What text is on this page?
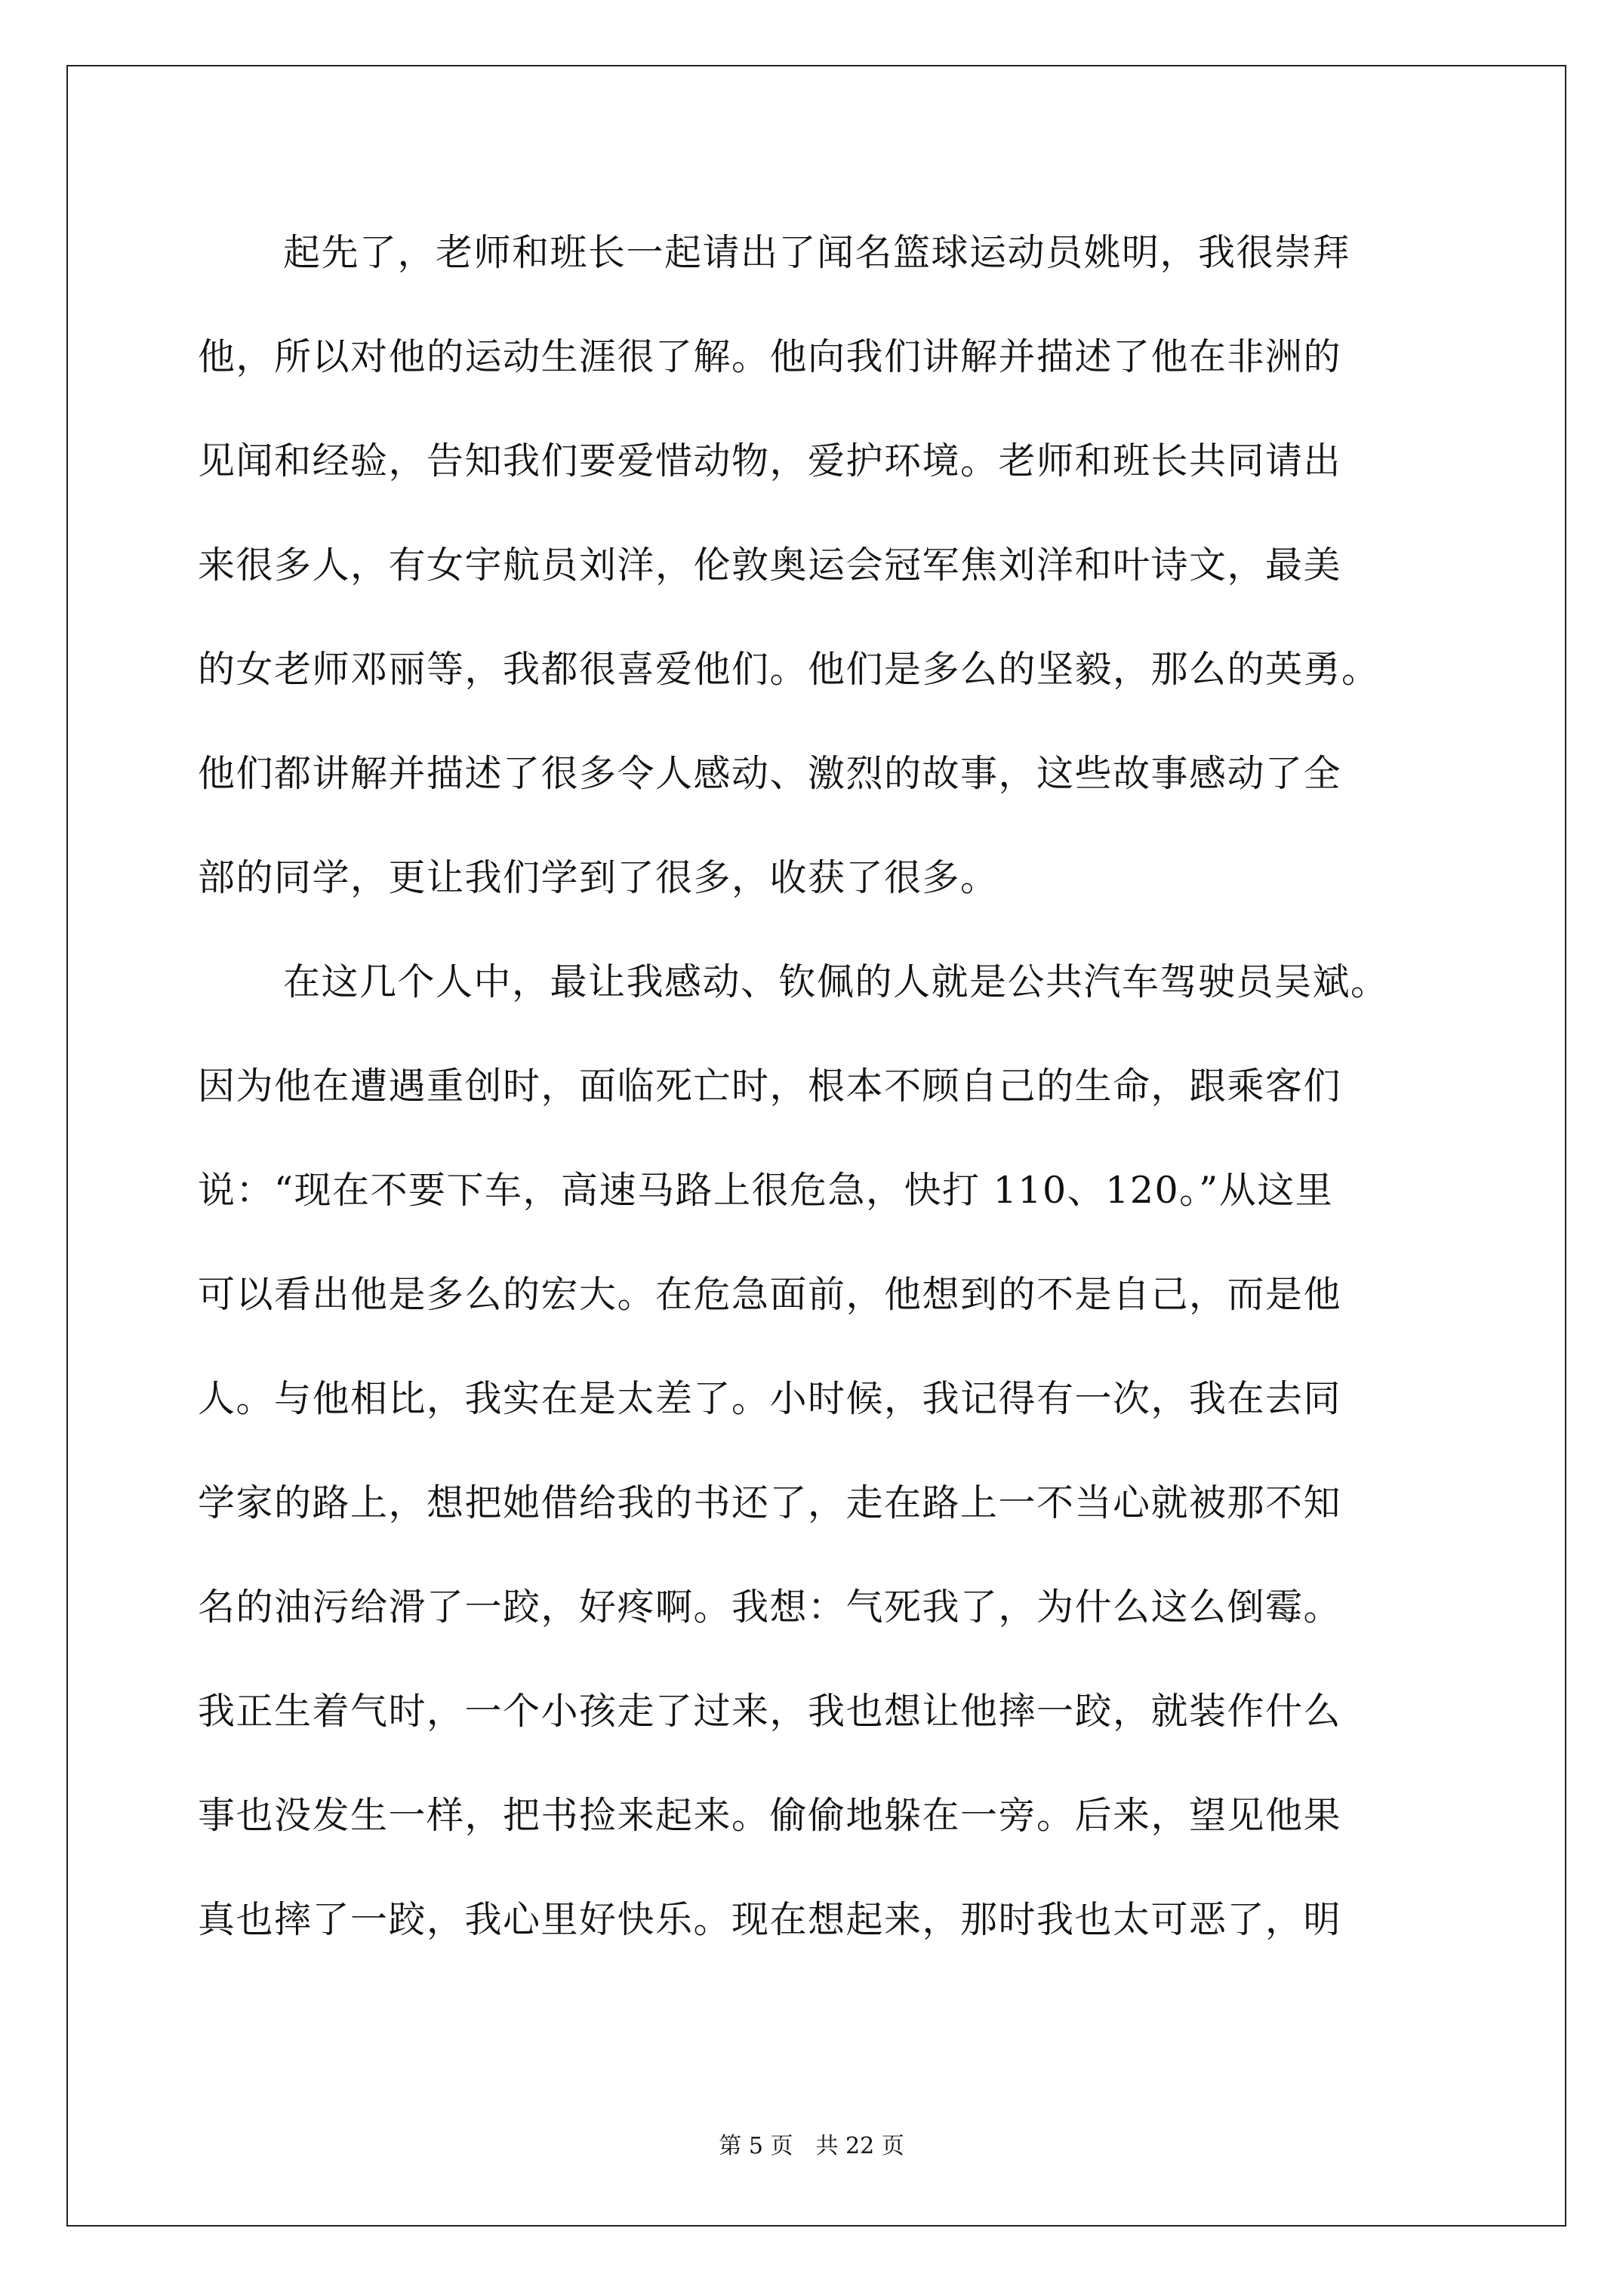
起先了，老师和班长一起请出了闻名篮球运动员姚明，我很崇拜
他，所以对他的运动生涯很了解。他向我们讲解并描述了他在非洲的
见闻和经验，告知我们要爱惜动物，爱护环境。老师和班长共同请出
来很多人，有女宇航员刘洋，伦敦奥运会冠军焦刘洋和叶诗文，最美
的女老师邓丽等，我都很喜爱他们。他们是多么的坚毅，那么的英勇。
他们都讲解并描述了很多令人感动、激烈的故事，这些故事感动了全
部的同学，更让我们学到了很多，收获了很多。
在这几个人中，最让我感动、钦佩的人就是公共汽车驾驶员吴斌。
因为他在遭遇重创时，面临死亡时，根本不顾自己的生命，跟乘客们
说：“现在不要下车，高速马路上很危急，快打 110、120。”从这里
可以看出他是多么的宏大。在危急面前，他想到的不是自己，而是他
人。与他相比，我实在是太差了。小时候，我记得有一次，我在去同
学家的路上，想把她借给我的书还了，走在路上一不当心就被那不知
名的油污给滑了一跤，好疼啊。我想：气死我了，为什么这么倒霉。
我正生着气时，一个小孩走了过来，我也想让他摔一跤，就装作什么
事也没发生一样，把书捡来起来。偷偷地躲在一旁。后来，望见他果
真也摔了一跤，我心里好快乐。现在想起来，那时我也太可恶了，明
第 5 页 共 22 页
